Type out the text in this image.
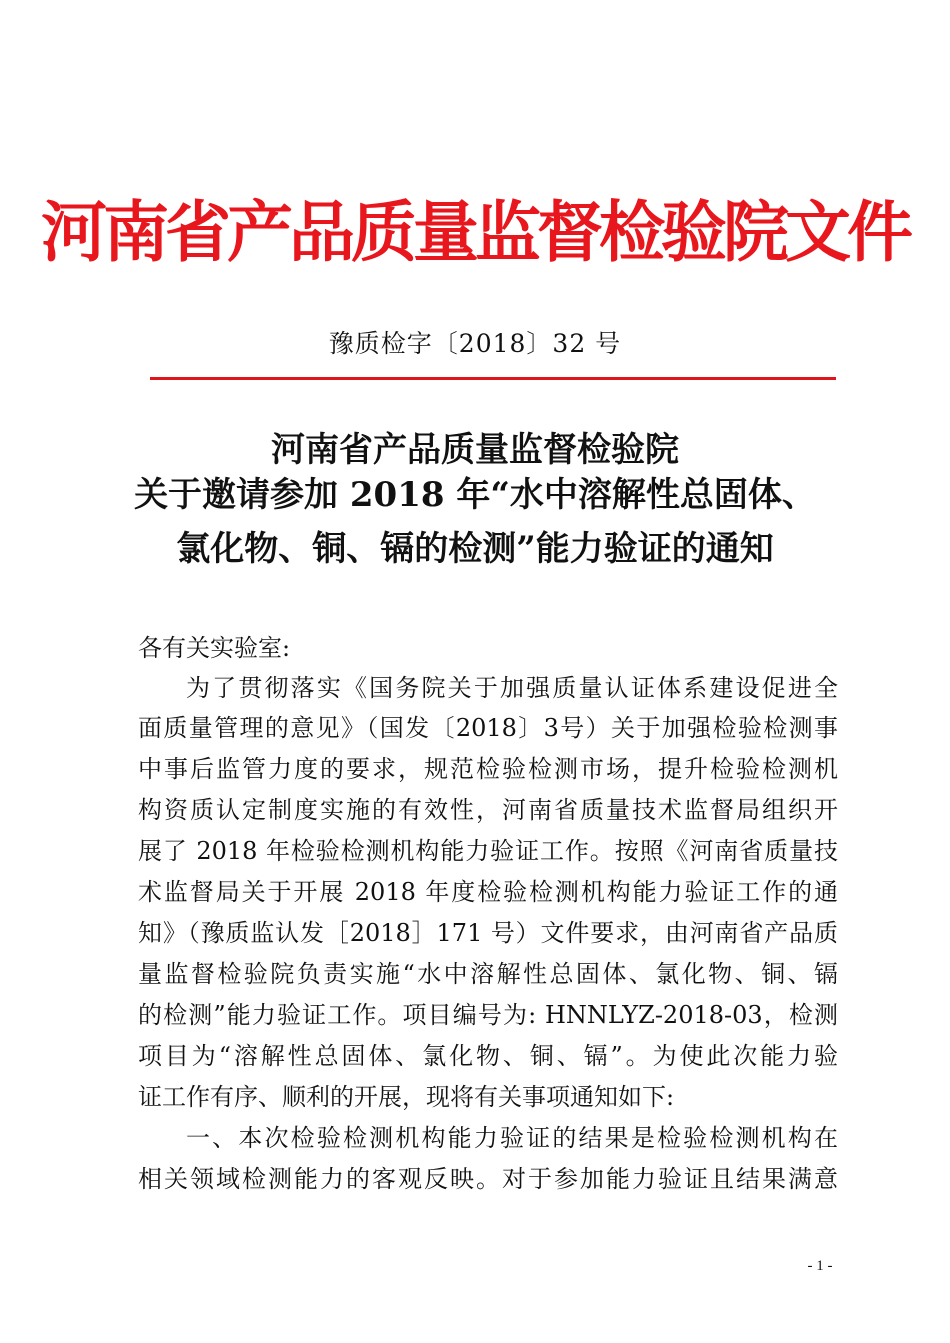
河南省产品质量监督检验院文件
豫质检字〔2018〕32 号
河南省产品质量监督检验院
关于邀请参加 2018 年“水中溶解性总固体、
氯化物、铜、镉的检测”能力验证的通知
各有关实验室:
为了贯彻落实《国务院关于加强质量认证体系建设促进全
面质量管理的意见》（国发〔2018〕3号）关于加强检验检测事
中事后监管力度的要求，规范检验检测市场，提升检验检测机
构资质认定制度实施的有效性，河南省质量技术监督局组织开
展了 2018 年检验检测机构能力验证工作。按照《河南省质量技
术监督局关于开展 2018 年度检验检测机构能力验证工作的通
知》（豫质监认发［2018］171 号）文件要求，由河南省产品质
量监督检验院负责实施“水中溶解性总固体、氯化物、铜、镉
的检测”能力验证工作。项目编号为: HNNLYZ-2018-03，检测
项目为“溶解性总固体、氯化物、铜、镉”。为使此次能力验
证工作有序、顺利的开展，现将有关事项通知如下:
一、本次检验检测机构能力验证的结果是检验检测机构在
相关领域检测能力的客观反映。对于参加能力验证且结果满意
- 1 -
